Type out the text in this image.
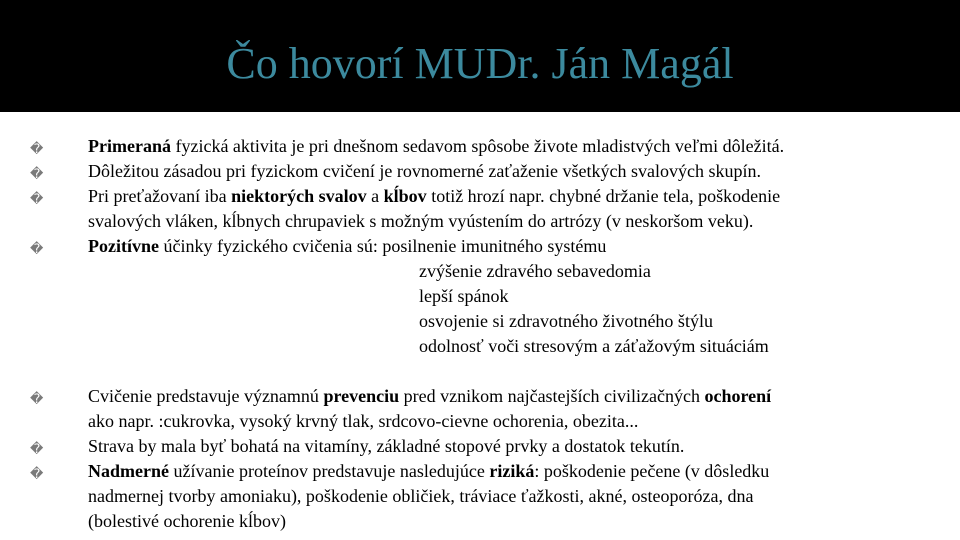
Čo hovorí MUDr. Ján Magál
� Primeraná fyzická aktivita je pri dnešnom sedavom spôsobe živote mladistvých veľmi dôležitá.
� Dôležitou zásadou pri fyzickom cvičení je rovnomerné zaťaženie všetkých svalových skupín.
� Pri preťažovaní iba niektorých svalov a kĺbov totiž hrozí napr. chybné držanie tela, poškodenie
svalových vláken, kĺbnych chrupaviek s možným vyústením do artrózy (v neskoršom veku).
� Pozitívne účinky fyzického cvičenia sú: posilnenie imunitného systému
zvýšenie zdravého sebavedomia
lepší spánok
osvojenie si zdravotného životného štýlu
odolnosť voči stresovým a záťažovým situáciám
� Cvičenie predstavuje významnú prevenciu pred vznikom najčastejších civilizačných ochorení
ako napr. :cukrovka, vysoký krvný tlak, srdcovo-cievne ochorenia, obezita...
� Strava by mala byť bohatá na vitamíny, základné stopové prvky a dostatok tekutín.
� Nadmerné užívanie proteínov predstavuje nasledujúce riziká: poškodenie pečene (v dôsledku
nadmernej tvorby amoniaku), poškodenie obličiek, tráviace ťažkosti, akné, osteoporóza, dna
(bolestivé ochorenie kĺbov)
